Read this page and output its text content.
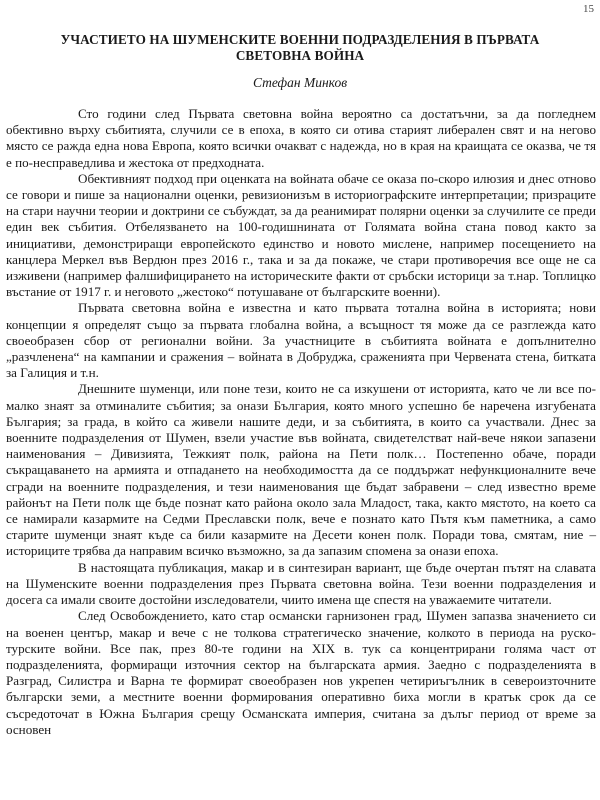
15
УЧАСТИЕТО НА ШУМЕНСКИТЕ ВОЕННИ ПОДРАЗДЕЛЕНИЯ В ПЪРВАТА
СВЕТОВНА ВОЙНА
Стефан Минков

Сто години след Първата световна война вероятно са достатъчни, за да погледнем обективно върху събитията, случили се в епоха, в която си отива старият либерален свят и на негово място се ражда една нова Европа, която всички очакват с надежда, но в края на краищата се оказва, че тя е по-несправедлива и жестока от предходната.

Обективният подход при оценката на войната обаче се оказа по-скоро илюзия и днес отново се говори и пише за национални оценки, ревизионизъм в историографските интерпретации; призраците на стари научни теории и доктрини се събуждат, за да реанимират полярни оценки за случилите се преди един век събития. Отбелязването на 100-годишнината от Голямата война стана повод както за инициативи, демонстриращи европейското единство и новото мислене, например посещението на канцлера Меркел във Вердюн през 2016 г., така и за да покаже, че стари противоречия все още не са изживени (например фалшифицирането на историческите факти от сръбски историци за т.нар. Топлицко въстание от 1917 г. и неговото „жестоко“ потушаване от българските военни).

Първата световна война е известна и като първата тотална война в историята; нови концепции я определят също за първата глобална война, а всъщност тя може да се разглежда като своеобразен сбор от регионални войни. За участниците в събитията войната е допълнително „разчленена“ на кампании и сражения – войната в Добруджа, сраженията при Червената стена, битката за Галиция и т.н.

Днешните шуменци, или поне тези, които не са изкушени от историята, като че ли все по-малко знаят за отминалите събития; за онази България, която много успешно бе наречена изгубената България; за града, в който са живели нашите деди, и за събитията, в които са участвали. Днес за военните подразделения от Шумен, взели участие във войната, свидетелстват най-вече някои запазени наименования – Дивизията, Тежкият полк, района на Пети полк… Постепенно обаче, поради съкращаването на армията и отпадането на необходимостта да се поддържат нефункционалните вече сгради на военните подразделения, и тези наименования ще бъдат забравени – след известно време районът на Пети полк ще бъде познат като района около зала Младост, така, както мястото, на което са се намирали казармите на Седми Преславски полк, вече е познато като Пътя към паметника, а само старите шуменци знаят къде са били казармите на Десети конен полк. Поради това, смятам, ние – историците трябва да направим всичко възможно, за да запазим спомена за онази епоха.

В настоящата публикация, макар и в синтезиран вариант, ще бъде очертан пътят на славата на Шуменските военни подразделения през Първата световна война. Тези военни подразделения и досега са имали своите достойни изследователи, чиито имена ще спестя на уважаемите читатели.

След Освобождението, като стар османски гарнизонен град, Шумен запазва значението си на военен център, макар и вече с не толкова стратегическо значение, колкото в периода на руско-турските войни. Все пак, през 80-те години на XIX в. тук са концентрирани голяма част от подразделенията, формиращи източния сектор на българската армия. Заедно с подразделенията в Разград, Силистра и Варна те формират своеобразен нов укрепен четириъгълник в североизточните български земи, а местните военни формирования оперативно биха могли в кратък срок да се съсредоточат в Южна България срещу Османската империя, считана за дълъг период от време за основен
